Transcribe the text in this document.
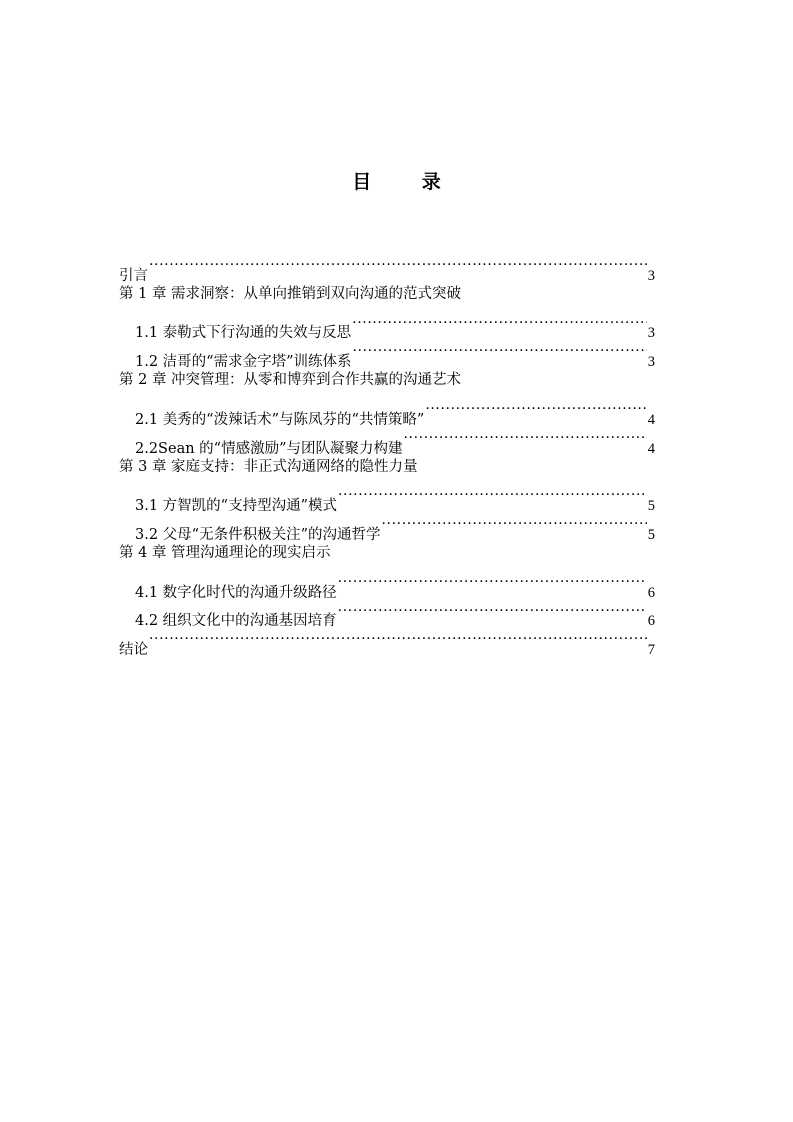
目 录
引言 ·····	3
第 1 章 需求洞察：从单向推销到双向沟通的范式突破
1.1 泰勒式下行沟通的失效与反思 ·····	3
1.2 洁哥的“需求金字塔”训练体系 ·····	3
第 2 章 冲突管理：从零和博弈到合作共赢的沟通艺术
2.1 美秀的“泼辣话术”与陈凤芬的“共情策略” ·····	4
2.2Sean 的“情感激励”与团队凝聚力构建 ·····	4
第 3 章 家庭支持：非正式沟通网络的隐性力量
3.1 方智凯的“支持型沟通”模式 ·····	5
3.2 父母“无条件积极关注”的沟通哲学 ·····	5
第 4 章 管理沟通理论的现实启示
4.1 数字化时代的沟通升级路径 ·····	6
4.2 组织文化中的沟通基因培育 ·····	6
结论 ·····	7
